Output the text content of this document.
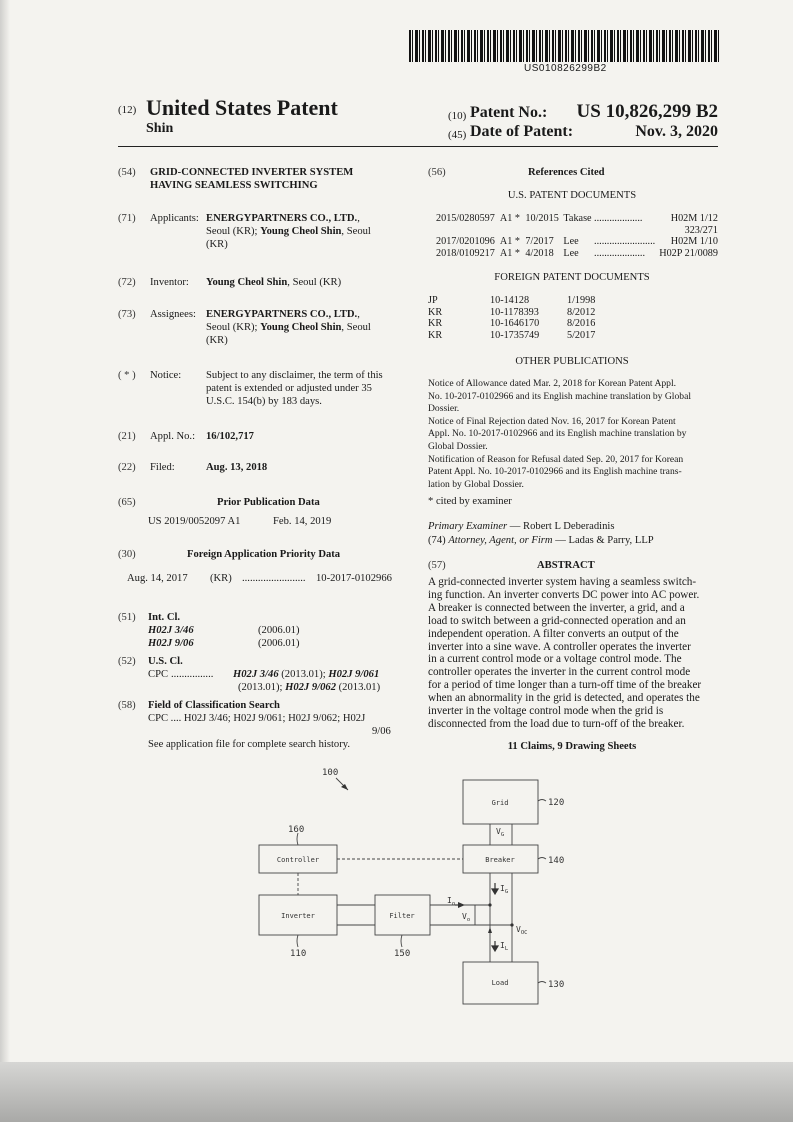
US010826299B2
(12) United States Patent
Shin
(10) Patent No.:	US 10,826,299 B2
(45) Date of Patent:	Nov. 3, 2020
(54) GRID-CONNECTED INVERTER SYSTEM
HAVING SEAMLESS SWITCHING
(71) Applicants: ENERGYPARTNERS CO., LTD.,
Seoul (KR); Young Cheol Shin, Seoul
(KR)
(72) Inventor: Young Cheol Shin, Seoul (KR)
(73) Assignees: ENERGYPARTNERS CO., LTD.,
Seoul (KR); Young Cheol Shin, Seoul
(KR)
( * ) Notice: Subject to any disclaimer, the term of this
patent is extended or adjusted under 35
U.S.C. 154(b) by 183 days.
(21) Appl. No.: 16/102,717
(22) Filed:	Aug. 13, 2018
(65)	Prior Publication Data
US 2019/0052097 A1	Feb. 14, 2019
(30)	Foreign Application Priority Data
Aug. 14, 2017 (KR) ........................ 10-2017-0102966
(51) Int. Cl.
H02J 3/46	(2006.01)
H02J 9/06	(2006.01)
(52) U.S. Cl.
CPC ................ H02J 3/46 (2013.01); H02J 9/061
(2013.01); H02J 9/062 (2013.01)
(58) Field of Classification Search
CPC .... H02J 3/46; H02J 9/061; H02J 9/062; H02J
9/06
See application file for complete search history.
(56)	References Cited
U.S. PATENT DOCUMENTS
2015/0280597	A1 *	10/2015	Takase	...................	H02M 1/12
323/271					
2017/0201096	A1 *	7/2017	Lee	........................	H02M 1/10
2018/0109217	A1 *	4/2018	Lee	....................	H02P 21/0089
FOREIGN PATENT DOCUMENTS
JP	10-14128	1/1998
KR	10-1178393	8/2012
KR	10-1646170	8/2016
KR	10-1735749	5/2017
OTHER PUBLICATIONS
Notice of Allowance dated Mar. 2, 2018 for Korean Patent Appl.
No. 10-2017-0102966 and its English machine translation by Global
Dossier.
Notice of Final Rejection dated Nov. 16, 2017 for Korean Patent
Appl. No. 10-2017-0102966 and its English machine translation by
Global Dossier.
Notification of Reason for Refusal dated Sep. 20, 2017 for Korean
Patent Appl. No. 10-2017-0102966 and its English machine trans-
lation by Global Dossier.
* cited by examiner
Primary Examiner — Robert L Deberadinis
(74) Attorney, Agent, or Firm — Ladas & Parry, LLP
(57)	ABSTRACT
A grid-connected inverter system having a seamless switch-
ing function. An inverter converts DC power into AC power.
A breaker is connected between the inverter, a grid, and a
load to switch between a grid-connected operation and an
independent operation. A filter converts an output of the
inverter into a sine wave. A controller operates the inverter
in a current control mode or a voltage control mode. The
controller operates the inverter in the current control mode
for a period of time longer than a turn-off time of the breaker
when an abnormality in the grid is detected, and operates the
inverter in the voltage control mode when the grid is
disconnected from the load due to turn-off of the breaker.
11 Claims, 9 Drawing Sheets
Grid
Breaker
Controller
Inverter	Filter
Load
100
160
120
140
110	150
130
$V_G$
$I_G$
$I_o$
$V_o$
$V_{OC}$
$I_L$
